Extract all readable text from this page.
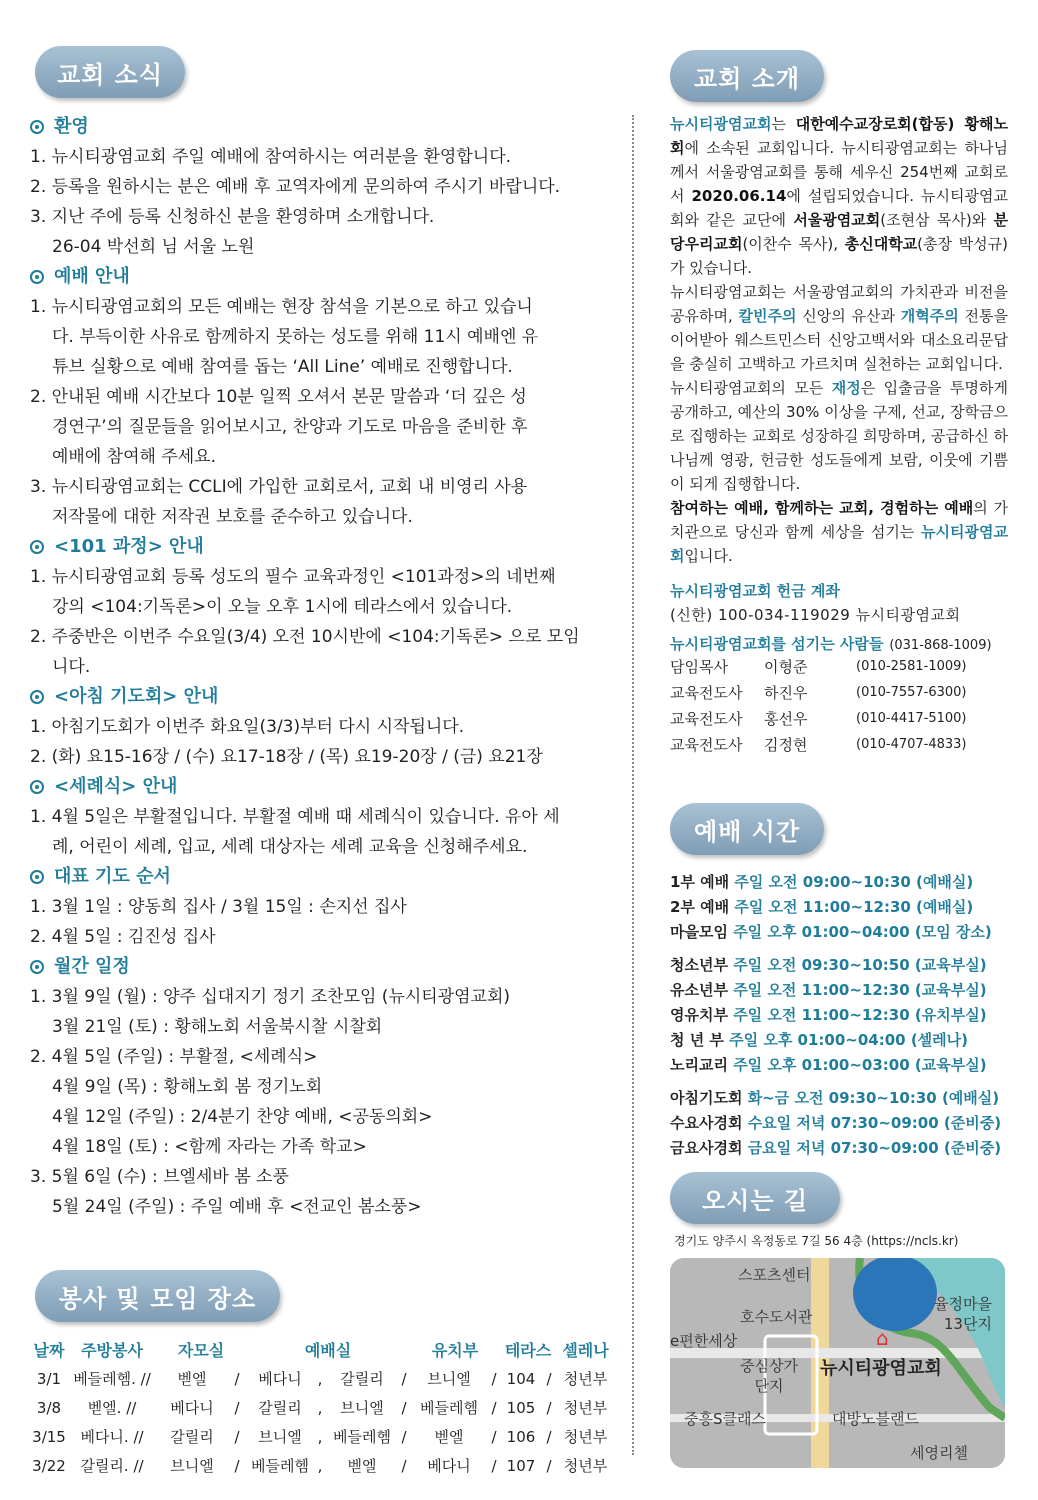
교회 소식
환영
1. 뉴시티광염교회 주일 예배에 참여하시는 여러분을 환영합니다.
2. 등록을 원하시는 분은 예배 후 교역자에게 문의하여 주시기 바랍니다.
3. 지난 주에 등록 신청하신 분을 환영하며 소개합니다.
26-04 박선희 님 서울 노원
예배 안내
1. 뉴시티광염교회의 모든 예배는 현장 참석을 기본으로 하고 있습니
다. 부득이한 사유로 함께하지 못하는 성도를 위해 11시 예배엔 유
튜브 실황으로 예배 참여를 돕는 ‘All Line’ 예배로 진행합니다.
2. 안내된 예배 시간보다 10분 일찍 오셔서 본문 말씀과 ‘더 깊은 성
경연구’의 질문들을 읽어보시고, 찬양과 기도로 마음을 준비한 후
예배에 참여해 주세요.
3. 뉴시티광염교회는 CCLI에 가입한 교회로서, 교회 내 비영리 사용
저작물에 대한 저작권 보호를 준수하고 있습니다.
<101 과정> 안내
1. 뉴시티광염교회 등록 성도의 필수 교육과정인 <101과정>의 네번째
강의 <104:기독론>이 오늘 오후 1시에 테라스에서 있습니다.
2. 주중반은 이번주 수요일(3/4) 오전 10시반에 <104:기독론> 으로 모임
니다.
<아침 기도회> 안내
1. 아침기도회가 이번주 화요일(3/3)부터 다시 시작됩니다.
2. (화) 요15-16장 / (수) 요17-18장 / (목) 요19-20장 / (금) 요21장
<세례식> 안내
1. 4월 5일은 부활절입니다. 부활절 예배 때 세례식이 있습니다. 유아 세
례, 어린이 세례, 입교, 세례 대상자는 세례 교육을 신청해주세요.
대표 기도 순서
1. 3월 1일 : 양동희 집사 / 3월 15일 : 손지선 집사
2. 4월 5일 : 김진성 집사
월간 일정
1. 3월 9일 (월) : 양주 십대지기 정기 조찬모임 (뉴시티광염교회)
3월 21일 (토) : 황해노회 서울북시찰 시찰회
2. 4월 5일 (주일) : 부활절, <세례식>
4월 9일 (목) : 황해노회 봄 정기노회
4월 12일 (주일) : 2/4분기 찬양 예배, <공동의회>
4월 18일 (토) : <함께 자라는 가족 학교>
3. 5월 6일 (수) : 브엘세바 봄 소풍
5월 24일 (주일) : 주일 예배 후 <전교인 봄소풍>
봉사 및 모임 장소
날짜	주방봉사	자모실		예배실				유치부		테라스		셀레나
3/1	베들레헴. //	벧엘	/	베다니	,	갈릴리	/	브니엘	/	104	/	청년부
3/8	벧엘. //	베다니	/	갈릴리	,	브니엘	/	베들레헴	/	105	/	청년부
3/15	베다니. //	갈릴리	/	브니엘	,	베들레헴	/	벧엘	/	106	/	청년부
3/22	갈릴리. //	브니엘	/	베들레헴	,	벧엘	/	베다니	/	107	/	청년부
교회 소개
뉴시티광염교회는 대한예수교장로회(합동) 황해노회에 소속된 교회입니다. 뉴시티광염교회는 하나님께서 서울광염교회를 통해 세우신 254번째 교회로서 2020.06.14에 설립되었습니다. 뉴시티광염교회와 같은 교단에 서울광염교회(조현삼 목사)와 분당우리교회(이찬수 목사), 총신대학교(총장 박성규)가 있습니다.
뉴시티광염교회는 서울광염교회의 가치관과 비전을 공유하며, 칼빈주의 신앙의 유산과 개혁주의 전통을 이어받아 웨스트민스터 신앙고백서와 대소요리문답을 충실히 고백하고 가르치며 실천하는 교회입니다.
뉴시티광염교회의 모든 재정은 입출금을 투명하게 공개하고, 예산의 30% 이상을 구제, 선교, 장학금으로 집행하는 교회로 성장하길 희망하며, 공급하신 하나님께 영광, 헌금한 성도들에게 보람, 이웃에 기쁨이 되게 집행합니다.
참여하는 예배, 함께하는 교회, 경험하는 예배의 가치관으로 당신과 함께 세상을 섬기는 뉴시티광염교회입니다.
뉴시티광염교회 헌금 계좌
(신한) 100-034-119029 뉴시티광염교회
뉴시티광염교회를 섬기는 사람들 (031-868-1009)
담임목사	이형준	(010-2581-1009)
교육전도사	하진우	(010-7557-6300)
교육전도사	홍선우	(010-4417-5100)
교육전도사	김정현	(010-4707-4833)
예배 시간
1부 예배 주일 오전 09:00~10:30 (예배실)
2부 예배 주일 오전 11:00~12:30 (예배실)
마을모임 주일 오후 01:00~04:00 (모임 장소)
청소년부 주일 오전 09:30~10:50 (교육부실)
유소년부 주일 오전 11:00~12:30 (교육부실)
영유치부 주일 오전 11:00~12:30 (유치부실)
청 년 부 주일 오후 01:00~04:00 (셀레나)
노리교리 주일 오후 01:00~03:00 (교육부실)
아침기도회 화~금 오전 09:30~10:30 (예배실)
수요사경회 수요일 저녁 07:30~09:00 (준비중)
금요사경회 금요일 저녁 07:30~09:00 (준비중)
오시는 길
경기도 양주시 옥정동로 7길 56 4층 (https://ncls.kr)
스포츠센터
호수도서관
e편한세상
중심상가
단지
율정마을
13단지
⌂
뉴시티광염교회
중흥S클래스	대방노블랜드
세영리첼
